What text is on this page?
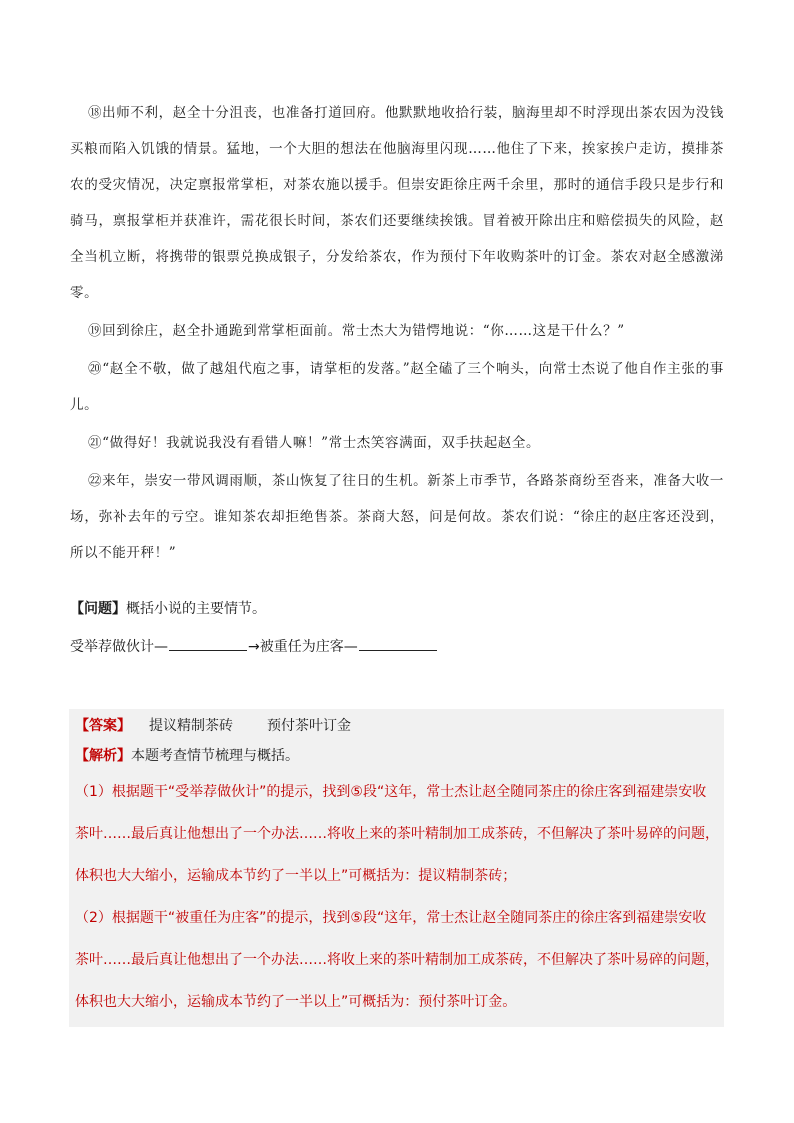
⑱出师不利，赵全十分沮丧，也准备打道回府。他默默地收拾行装，脑海里却不时浮现出茶农因为没钱买粮而陷入饥饿的情景。猛地，一个大胆的想法在他脑海里闪现……他住了下来，挨家挨户走访，摸排茶农的受灾情况，决定禀报常掌柜，对茶农施以援手。但崇安距徐庄两千余里，那时的通信手段只是步行和骑马，禀报掌柜并获准许，需花很长时间，茶农们还要继续挨饿。冒着被开除出庄和赔偿损失的风险，赵全当机立断，将携带的银票兑换成银子，分发给茶农，作为预付下年收购茶叶的订金。茶农对赵全感激涕零。

⑲回到徐庄，赵全扑通跪到常掌柜面前。常士杰大为错愕地说：“你……这是干什么？”

⑳“赵全不敬，做了越俎代庖之事，请掌柜的发落。”赵全磕了三个响头，向常士杰说了他自作主张的事儿。

㉑“做得好！我就说我没有看错人嘛！”常士杰笑容满面，双手扶起赵全。

㉒来年，崇安一带风调雨顺，茶山恢复了往日的生机。新茶上市季节，各路茶商纷至沓来，准备大收一场，弥补去年的亏空。谁知茶农却拒绝售茶。茶商大怒，问是何故。茶农们说：“徐庄的赵庄客还没到，所以不能开秤！”

【问题】概括小说的主要情节。
受举荐做伙计—	→被重任为庄客—
【答案】 提议精制茶砖 预付茶叶订金
【解析】本题考查情节梳理与概括。

（1）根据题干“受举荐做伙计”的提示，找到⑤段“这年，常士杰让赵全随同茶庄的徐庄客到福建崇安收茶叶……最后真让他想出了一个办法……将收上来的茶叶精制加工成茶砖，不但解决了茶叶易碎的问题，体积也大大缩小，运输成本节约了一半以上”可概括为：提议精制茶砖；

（2）根据题干“被重任为庄客”的提示，找到⑤段“这年，常士杰让赵全随同茶庄的徐庄客到福建崇安收茶叶……最后真让他想出了一个办法……将收上来的茶叶精制加工成茶砖，不但解决了茶叶易碎的问题，体积也大大缩小，运输成本节约了一半以上”可概括为：预付茶叶订金。
